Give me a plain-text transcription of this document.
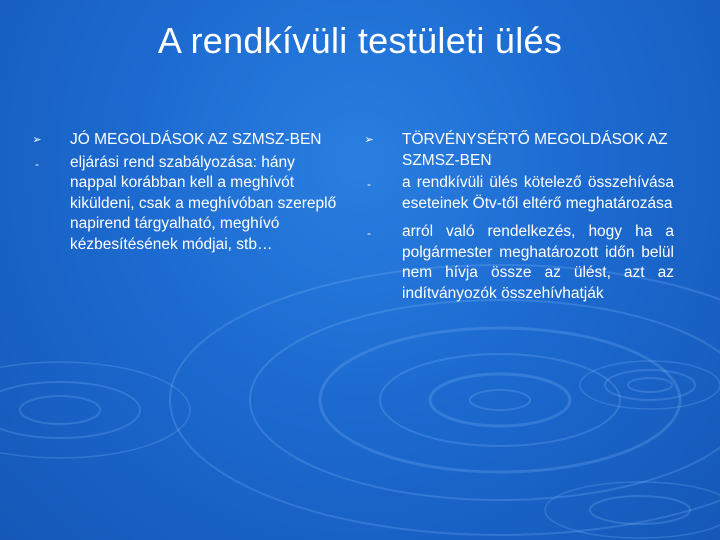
A rendkívüli testületi ülés
➢ JÓ MEGOLDÁSOK AZ SZMSZ-BEN
-	eljárási rend szabályozása: hány nappal korábban kell a meghívót kiküldeni, csak a meghívóban szereplő napirend tárgyalható, meghívó kézbesítésének módjai, stb…
➢ TÖRVÉNYSÉRTŐ MEGOLDÁSOK AZ SZMSZ-BEN
-	a rendkívüli ülés kötelező összehívása eseteinek Ötv-től eltérő meghatározása
-	arról való rendelkezés, hogy ha a polgármester meghatározott időn belül nem hívja össze az ülést, azt az indítványozók összehívhatják
